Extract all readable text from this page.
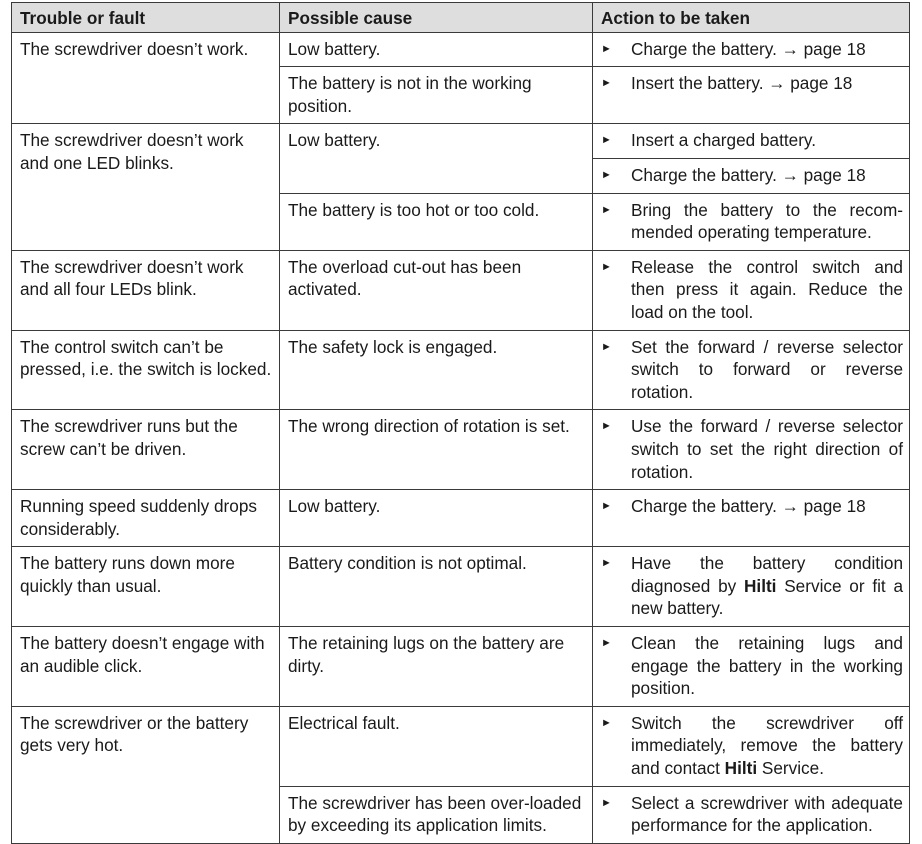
Trouble or fault	Possible cause	Action to be taken
The screwdriver doesn’t work.	Low battery.	► Charge the battery. → page 18

	The battery is not in the working position.	► Insert the battery. → page 18

The screwdriver doesn’t work and one LED blinks.	Low battery.	► Insert a charged battery.

		► Charge the battery. → page 18

	The battery is too hot or too cold.	► Bring the battery to the recom-mended operating temperature.

The screwdriver doesn’t work and all four LEDs blink.	The overload cut-out has been activated.	► Release the control switch and then press it again. Reduce the load on the tool.

The control switch can’t be pressed, i.e. the switch is locked.	The safety lock is engaged.	► Set the forward / reverse selector switch to forward or reverse rotation.

The screwdriver runs but the screw can’t be driven.	The wrong direction of rotation is set.	► Use the forward / reverse selector switch to set the right direction of rotation.

Running speed suddenly drops considerably.	Low battery.	► Charge the battery. → page 18

The battery runs down more quickly than usual.	Battery condition is not optimal.	► Have the battery condition diagnosed by Hilti Service or fit a new battery.

The battery doesn’t engage with an audible click.	The retaining lugs on the battery are dirty.	► Clean the retaining lugs and engage the battery in the working position.

The screwdriver or the battery gets very hot.	Electrical fault.	► Switch the screwdriver off immediately, remove the battery and contact Hilti Service.

	The screwdriver has been over-loaded by exceeding its application limits.	► Select a screwdriver with adequate performance for the application.
